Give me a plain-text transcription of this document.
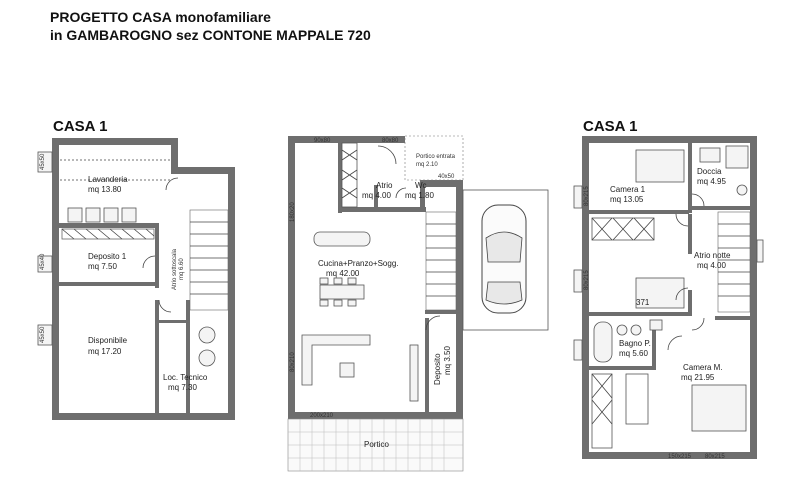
PROGETTO CASA monofamiliare
in GAMBAROGNO sez CONTONE MAPPALE 720
CASA 1	CASA 1
45x50
45x40
45x50
Lavanderia
mq 13.80
Deposito 1
mq 7.50
Disponibile
mq 17.20
Loc. Tecnico
mq 7.30
Atrio sottoscala mq 6.60
90x80	80x80
180x20
200x210
80x210
40x50
Atrio
mq 4.00
Wc
mq 1.80
Portico entrata
mq 2.10
Cucina+Pranzo+Sogg.
mq 42.00
Deposito mq 3.50
Portico
150x215 80x215
80x215
80x215
Camera 1
mq 13.05
Doccia
mq 4.95
Atrio notte
mq 4.00
371
Bagno P.
mq 5.60
Camera M.
mq 21.95
